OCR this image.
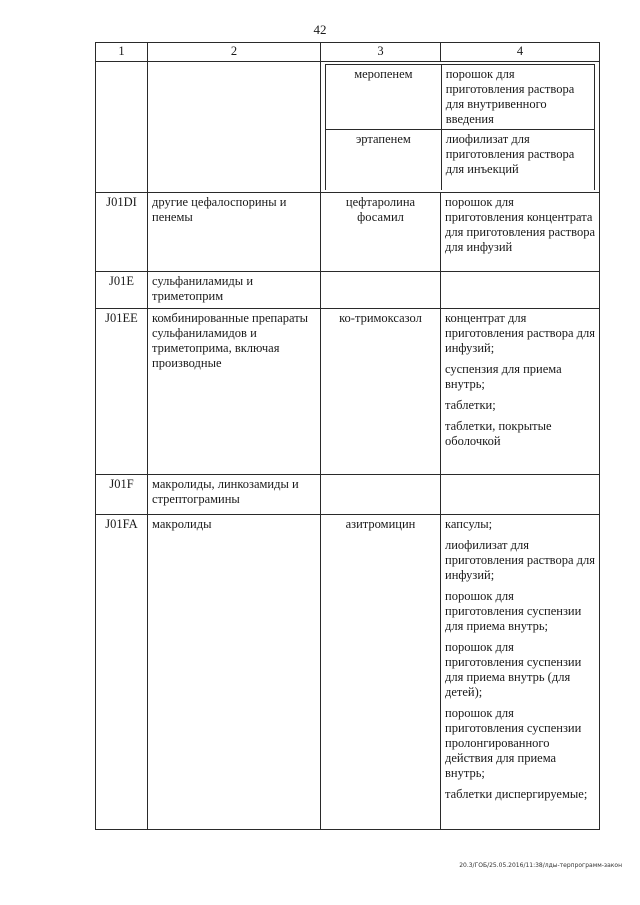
42
1	2	3	4

меропенем	порошок для приготовления раствора для внутривенного введения
эртапенем	лиофилизат для приготовления раствора для инъекций

J01DI	другие цефалоспорины и пенемы	цефтаролина фосамил	порошок для приготовления концентрата для приготовления раствора для инфузий
J01E	сульфаниламиды и триметоприм		
J01EE	комбинированные препараты сульфаниламидов и триметоприма, включая производные	ко-тримоксазол	концентрат для приготовления раствора для инфузий;
суспензия для приема внутрь;
таблетки;
таблетки, покрытые оболочкой

J01F	макролиды, линкозамиды и стрептограмины		
J01FA	макролиды	азитромицин	капсулы;
лиофилизат для приготовления раствора для инфузий;
порошок для приготовления суспензии для приема внутрь;
порошок для приготовления суспензии для приема внутрь (для детей);
порошок для приготовления суспензии пролонгированного действия для приема внутрь;
таблетки диспергируемые;
20.3/ГОБ/25.05.2016/11:38/лды-терпрограмм-закон
